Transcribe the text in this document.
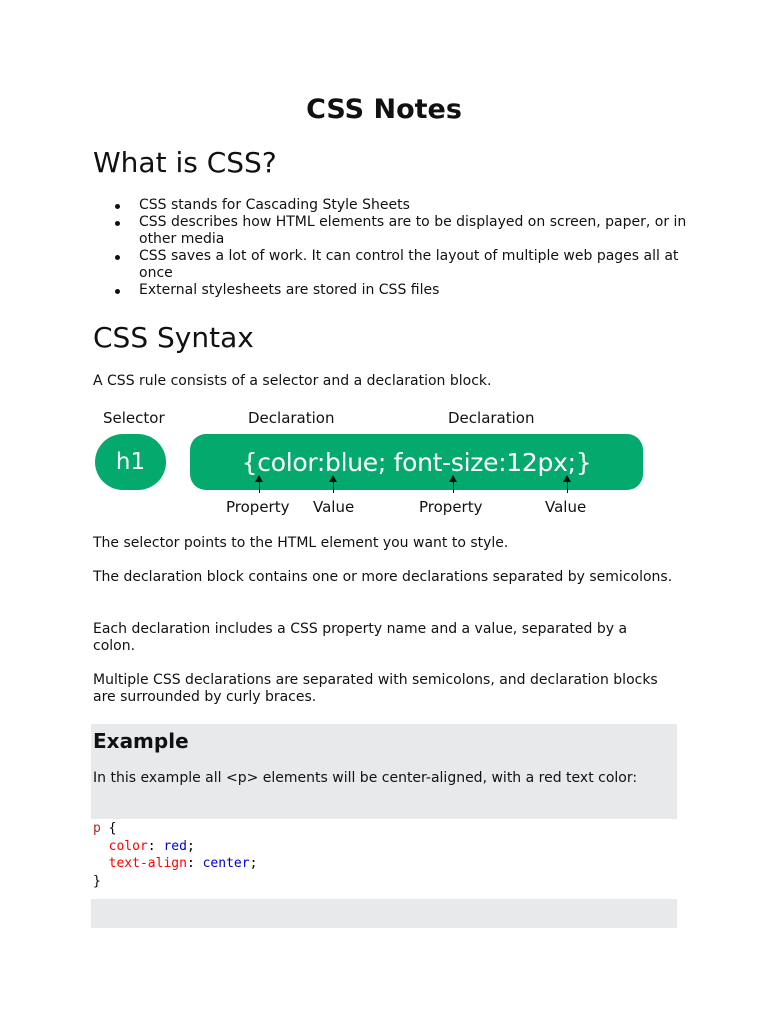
CSS Notes
What is CSS?
CSS stands for Cascading Style Sheets
CSS describes how HTML elements are to be displayed on screen, paper, or in other media
CSS saves a lot of work. It can control the layout of multiple web pages all at once
External stylesheets are stored in CSS files
CSS Syntax
A CSS rule consists of a selector and a declaration block.
Selector	Declaration	Declaration
h1	{color:blue; font-size:12px;}
Property Value	Property	Value
The selector points to the HTML element you want to style.
The declaration block contains one or more declarations separated by semicolons.
Each declaration includes a CSS property name and a value, separated by a colon.
Multiple CSS declarations are separated with semicolons, and declaration blocks are surrounded by curly braces.
Example
In this example all <p> elements will be center-aligned, with a red text color:
p {
color: red;
text-align: center;
}
